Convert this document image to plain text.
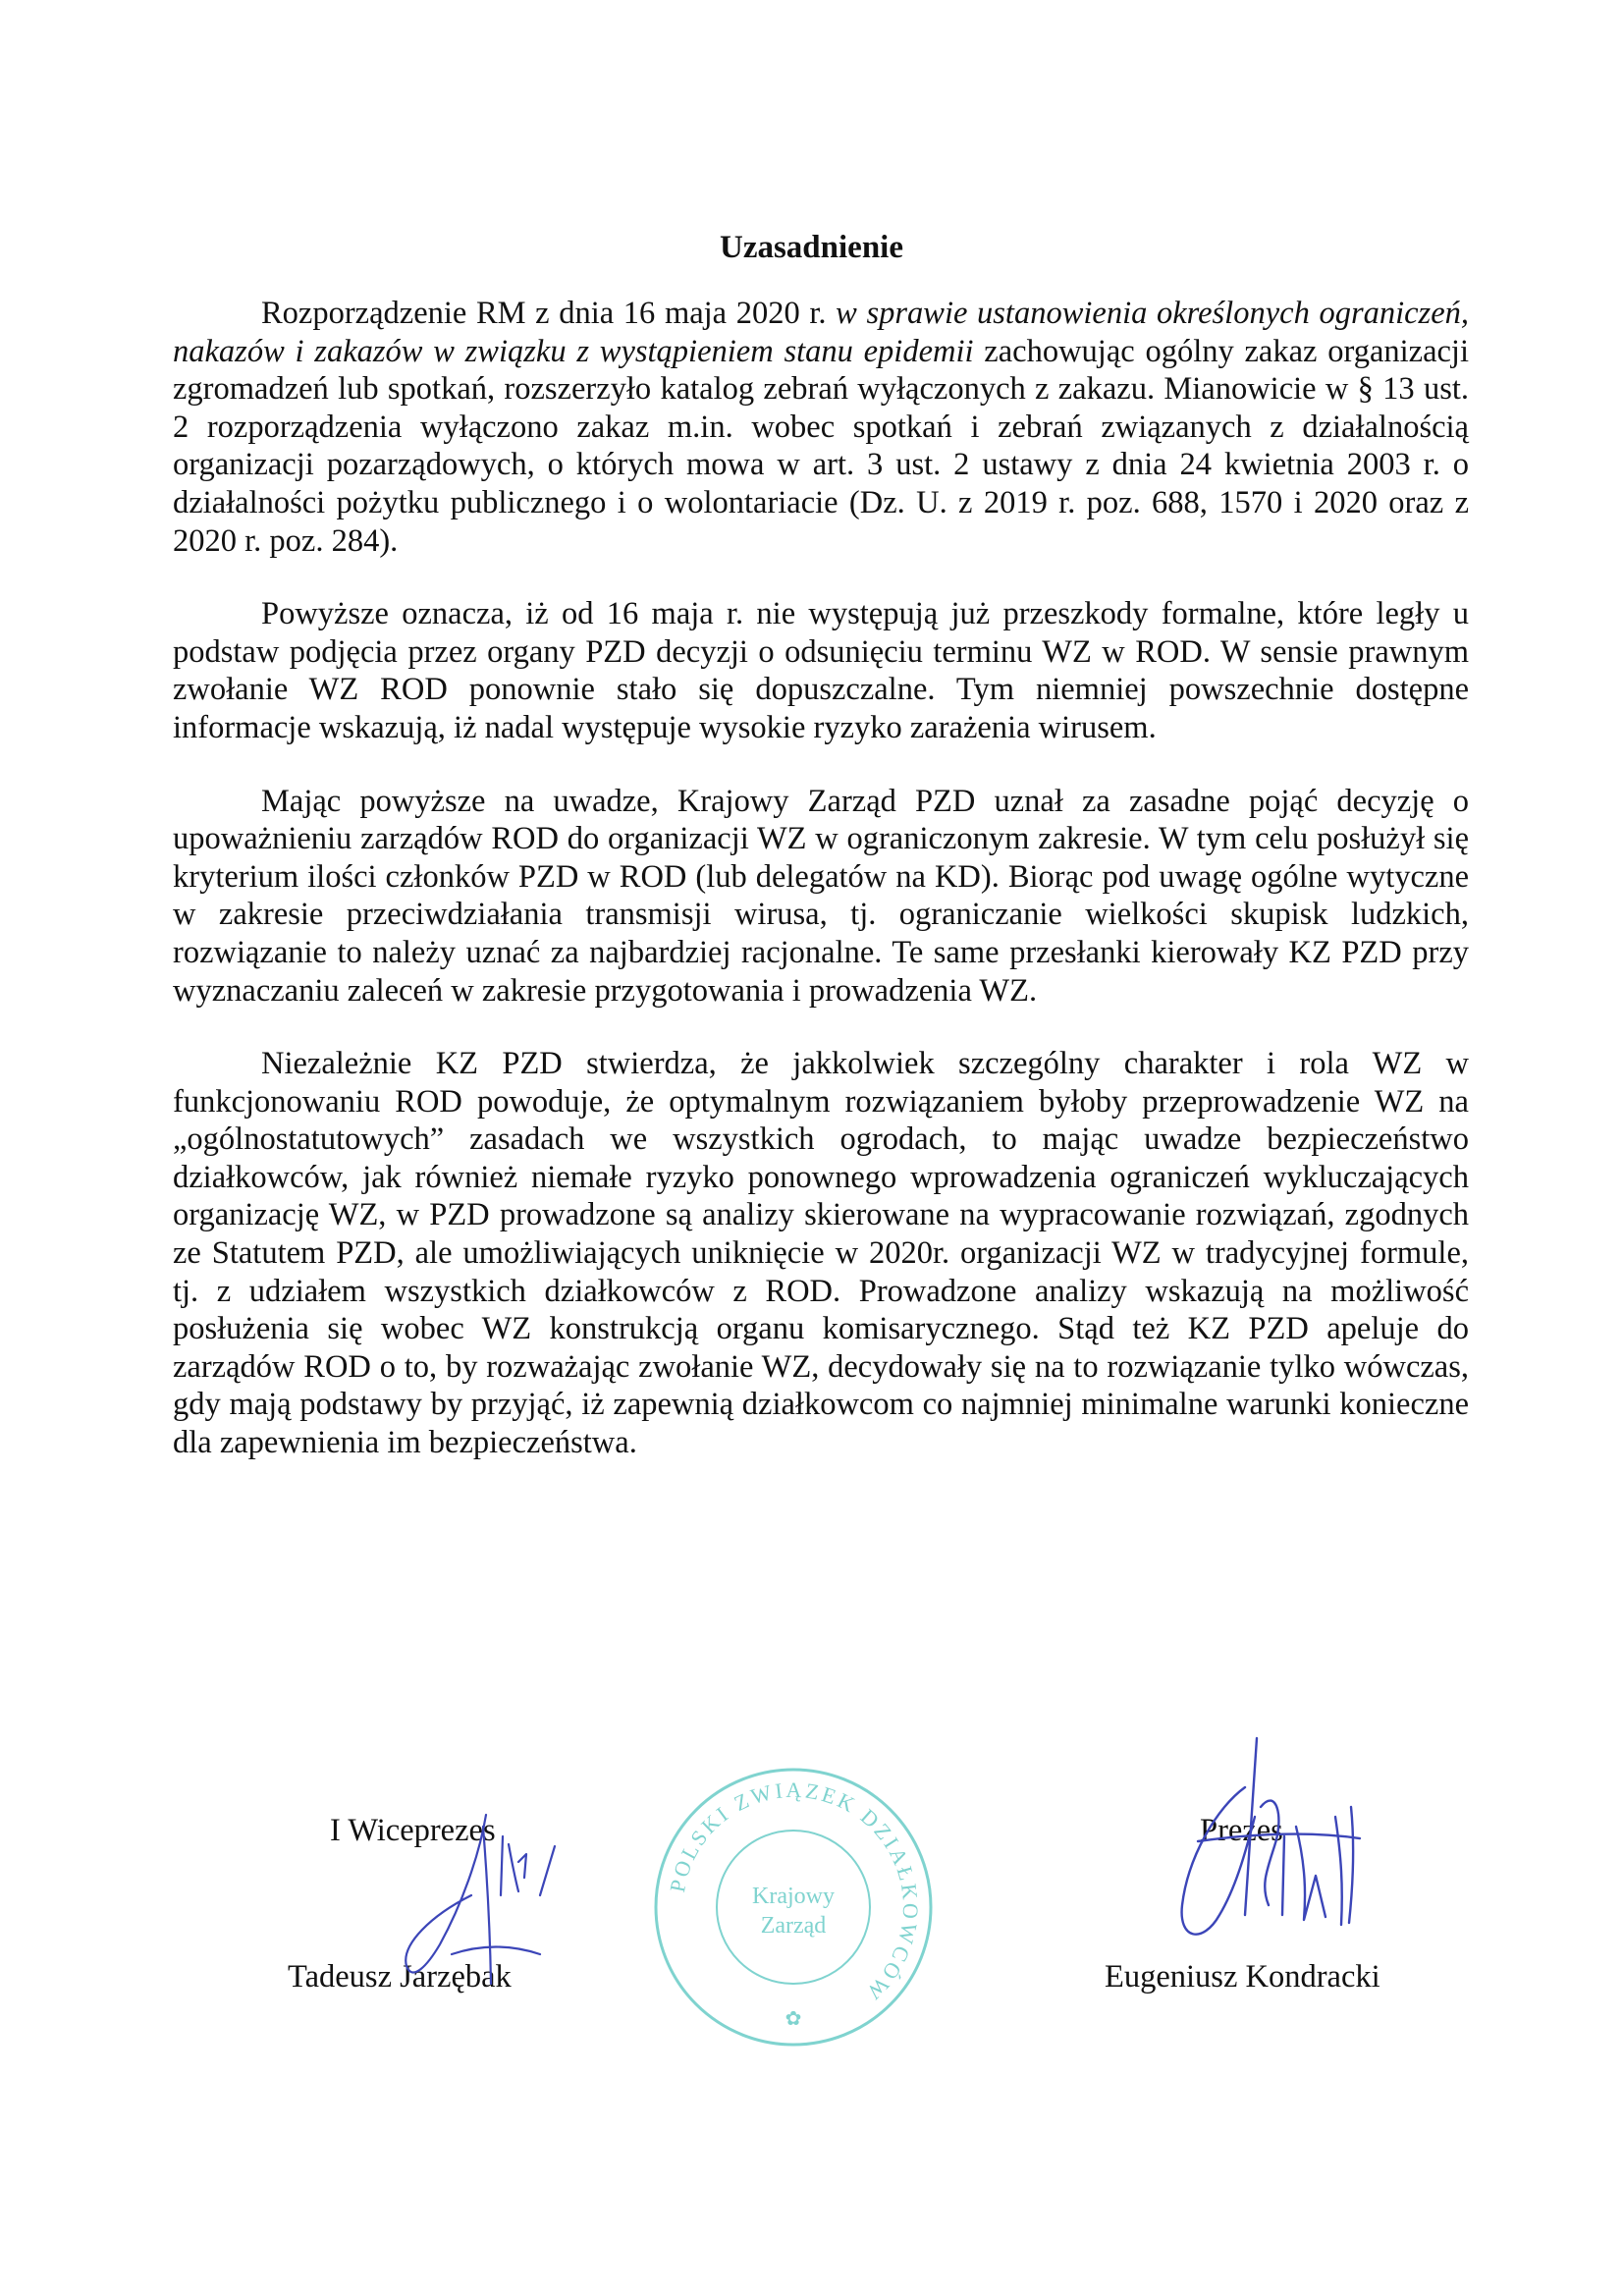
Uzasadnienie

Rozporządzenie RM z dnia 16 maja 2020 r. w sprawie ustanowienia określonych ograniczeń, nakazów i zakazów w związku z wystąpieniem stanu epidemii zachowując ogólny zakaz organizacji zgromadzeń lub spotkań, rozszerzyło katalog zebrań wyłączonych z zakazu. Mianowicie w § 13 ust. 2 rozporządzenia wyłączono zakaz m.in. wobec spotkań i zebrań związanych z działalnością organizacji pozarządowych, o których mowa w art. 3 ust. 2 ustawy z dnia 24 kwietnia 2003 r. o działalności pożytku publicznego i o wolontariacie (Dz. U. z 2019 r. poz. 688, 1570 i 2020 oraz z 2020 r. poz. 284).

Powyższe oznacza, iż od 16 maja r. nie występują już przeszkody formalne, które legły u podstaw podjęcia przez organy PZD decyzji o odsunięciu terminu WZ w ROD. W sensie prawnym zwołanie WZ ROD ponownie stało się dopuszczalne. Tym niemniej powszechnie dostępne informacje wskazują, iż nadal występuje wysokie ryzyko zarażenia wirusem.

Mając powyższe na uwadze, Krajowy Zarząd PZD uznał za zasadne pojąć decyzję o upoważnieniu zarządów ROD do organizacji WZ w ograniczonym zakresie. W tym celu posłużył się kryterium ilości członków PZD w ROD (lub delegatów na KD). Biorąc pod uwagę ogólne wytyczne w zakresie przeciwdziałania transmisji wirusa, tj. ograniczanie wielkości skupisk ludzkich, rozwiązanie to należy uznać za najbardziej racjonalne. Te same przesłanki kierowały KZ PZD przy wyznaczaniu zaleceń w zakresie przygotowania i prowadzenia WZ.

Niezależnie KZ PZD stwierdza, że jakkolwiek szczególny charakter i rola WZ w funkcjonowaniu ROD powoduje, że optymalnym rozwiązaniem byłoby przeprowadzenie WZ na „ogólnostatutowych” zasadach we wszystkich ogrodach, to mając uwadze bezpieczeństwo działkowców, jak również niemałe ryzyko ponownego wprowadzenia ograniczeń wykluczających organizację WZ, w PZD prowadzone są analizy skierowane na wypracowanie rozwiązań, zgodnych ze Statutem PZD, ale umożliwiających uniknięcie w 2020r. organizacji WZ w tradycyjnej formule, tj. z udziałem wszystkich działkowców z ROD. Prowadzone analizy wskazują na możliwość posłużenia się wobec WZ konstrukcją organu komisarycznego. Stąd też KZ PZD apeluje do zarządów ROD o to, by rozważając zwołanie WZ, decydowały się na to rozwiązanie tylko wówczas, gdy mają podstawy by przyjąć, iż zapewnią działkowcom co najmniej minimalne warunki konieczne dla zapewnienia im bezpieczeństwa.

I Wiceprezes
Tadeusz Jarzębak
Prezes
Eugeniusz Kondracki
POLSKI ZWIĄZEK DZIAŁKOWCÓW
Krajowy
Zarząd
✿
